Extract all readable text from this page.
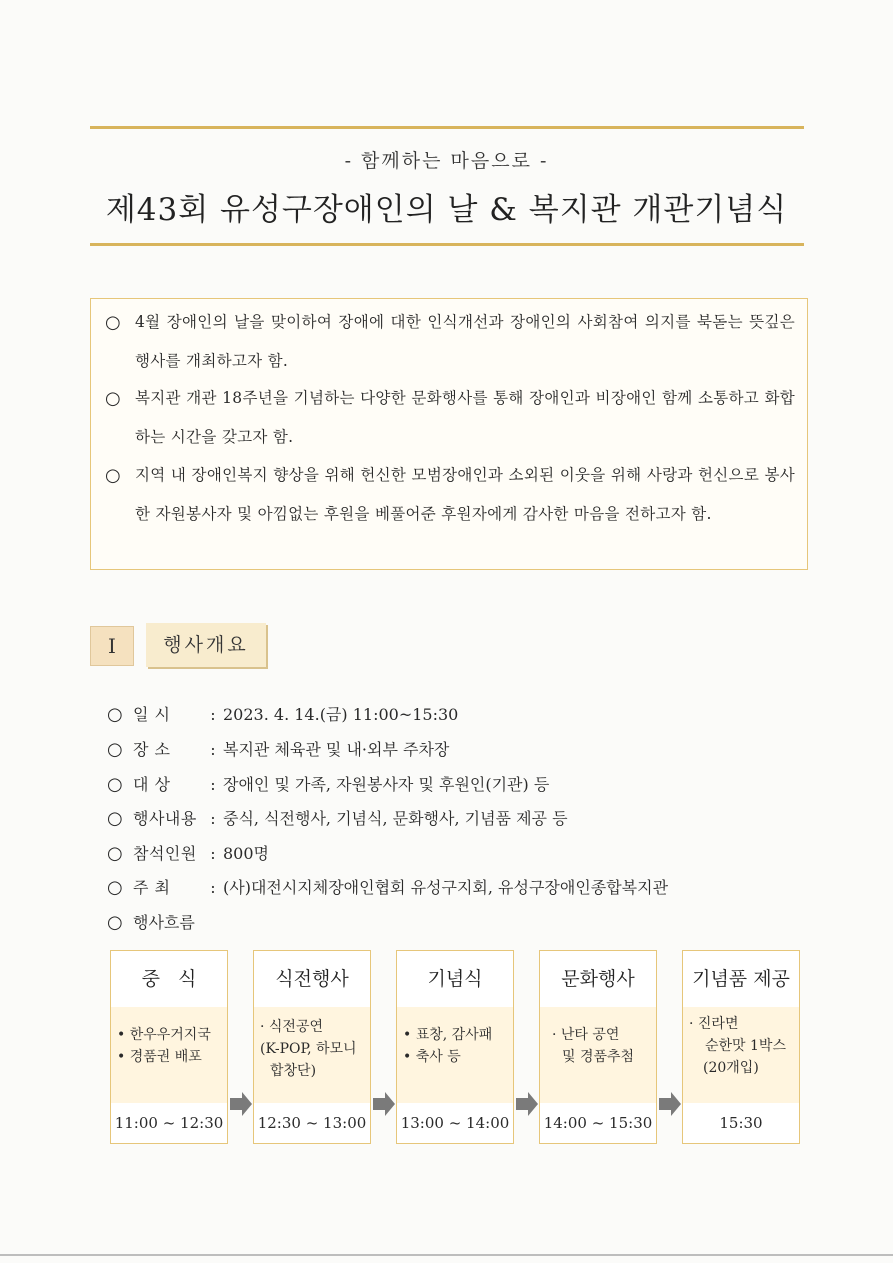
- 함께하는 마음으로 -
제43회 유성구장애인의 날 & 복지관 개관기념식
○ 4월 장애인의 날을 맞이하여 장애에 대한 인식개선과 장애인의 사회참여 의지를 북돋는 뜻깊은 행사를 개최하고자 함.
○ 복지관 개관 18주년을 기념하는 다양한 문화행사를 통해 장애인과 비장애인 함께 소통하고 화합하는 시간을 갖고자 함.
○ 지역 내 장애인복지 향상을 위해 헌신한 모범장애인과 소외된 이웃을 위해 사랑과 헌신으로 봉사한 자원봉사자 및 아낌없는 후원을 베풀어준 후원자에게 감사한 마음을 전하고자 함.
I	행사개요
○ 일 시 : 2023. 4. 14.(금) 11:00~15:30
○ 장 소 : 복지관 체육관 및 내·외부 주차장
○ 대 상 : 장애인 및 가족, 자원봉사자 및 후원인(기관) 등
○ 행사내용 : 중식, 식전행사, 기념식, 문화행사, 기념품 제공 등
○ 참석인원 : 800명
○ 주 최 : (사)대전시지체장애인협회 유성구지회, 유성구장애인종합복지관
○ 행사흐름
중   식
• 한우우거지국
• 경품권 배포
11:00 ~ 12:30
식전행사
· 식전공연
(K-POP, 하모니
합창단)
12:30 ~ 13:00
기념식
• 표창, 감사패
• 축사 등
13:00 ~ 14:00
문화행사
· 난타 공연
및 경품추첨
14:00 ~ 15:30
기념품 제공
· 진라면
순한맛 1박스
(20개입)
15:30
